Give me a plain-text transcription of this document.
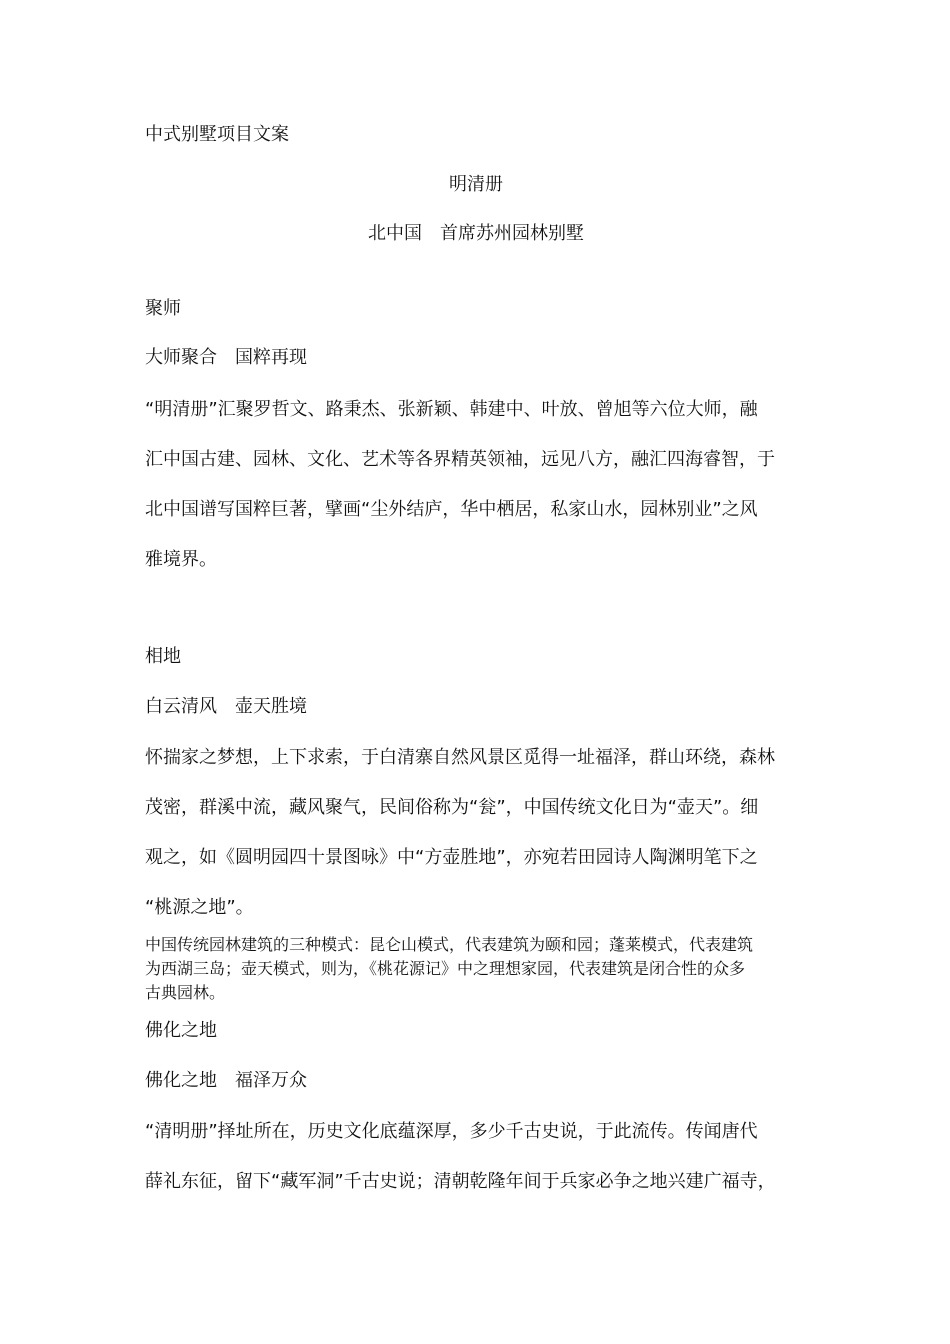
中式别墅项目文案
明清册
北中国　首席苏州园林别墅
聚师
大师聚合　国粹再现
“明清册”汇聚罗哲文、路秉杰、张新颖、韩建中、叶放、曾旭等六位大师，融
汇中国古建、园林、文化、艺术等各界精英领袖，远见八方，融汇四海睿智，于
北中国谱写国粹巨著，擘画“尘外结庐，华中栖居，私家山水，园林别业”之风
雅境界。
相地
白云清风　壶天胜境
怀揣家之梦想，上下求索，于白清寨自然风景区觅得一址福泽，群山环绕，森林
茂密，群溪中流，藏风聚气，民间俗称为“瓮”，中国传统文化日为“壶天”。细
观之，如《圆明园四十景图咏》中“方壶胜地”，亦宛若田园诗人陶渊明笔下之
“桃源之地”。
中国传统园林建筑的三种模式：昆仑山模式，代表建筑为颐和园；蓬莱模式，代表建筑
为西湖三岛；壶天模式，则为，《桃花源记》中之理想家园，代表建筑是闭合性的众多
古典园林。
佛化之地
佛化之地　福泽万众
“清明册”择址所在，历史文化底蕴深厚，多少千古史说，于此流传。传闻唐代
薛礼东征，留下“藏军洞”千古史说；清朝乾隆年间于兵家必争之地兴建广福寺，
